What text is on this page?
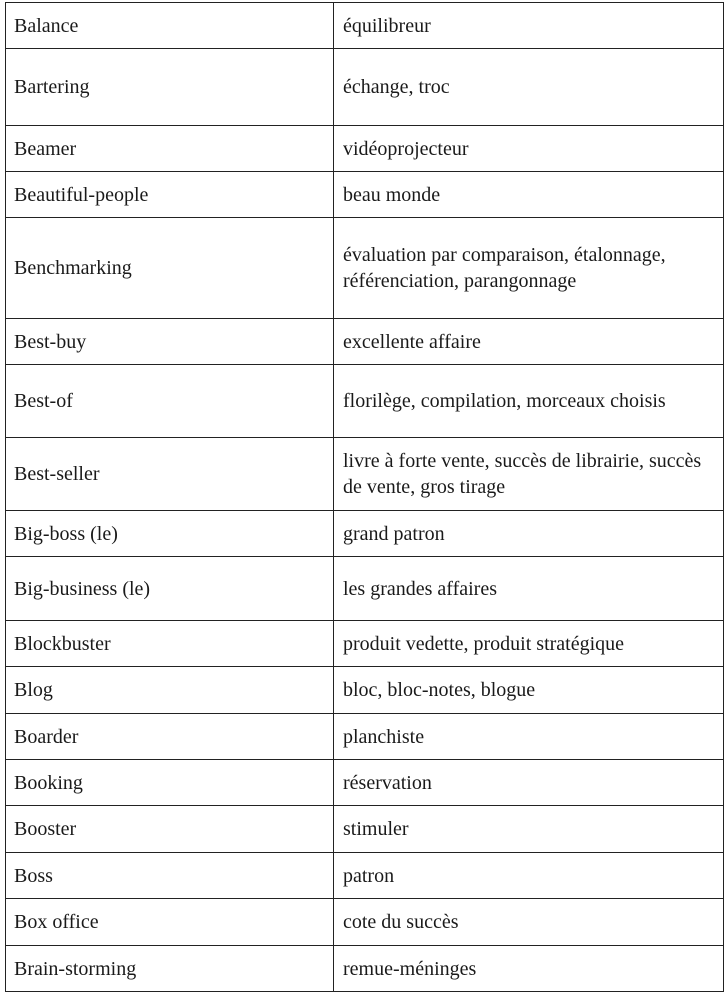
Balance	équilibreur
Bartering	échange, troc
Beamer	vidéoprojecteur
Beautiful-people	beau monde
Benchmarking	évaluation par comparaison, étalonnage, référenciation, parangonnage
Best-buy	excellente affaire
Best-of	florilège, compilation, morceaux choisis
Best-seller	livre à forte vente, succès de librairie, succès de vente, gros tirage
Big-boss (le)	grand patron
Big-business (le)	les grandes affaires
Blockbuster	produit vedette, produit stratégique
Blog	bloc, bloc-notes, blogue
Boarder	planchiste
Booking	réservation
Booster	stimuler
Boss	patron
Box office	cote du succès
Brain-storming	remue-méninges
